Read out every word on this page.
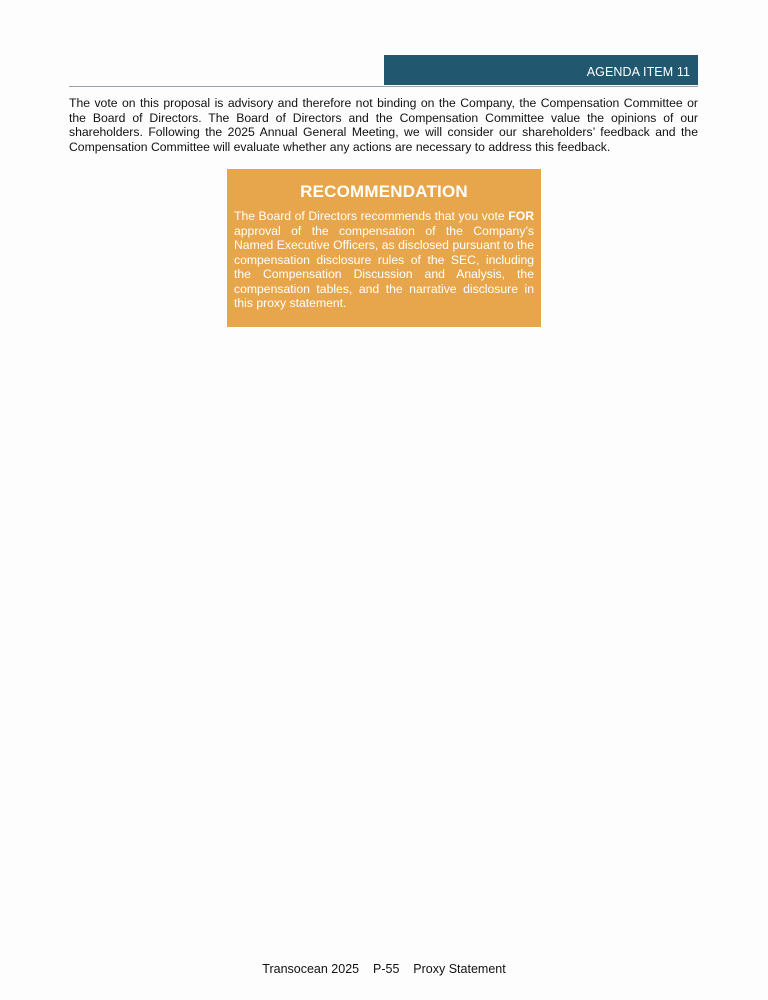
AGENDA ITEM 11

The vote on this proposal is advisory and therefore not binding on the Company, the Compensation Committee or the Board of Directors. The Board of Directors and the Compensation Committee value the opinions of our shareholders. Following the 2025 Annual General Meeting, we will consider our shareholders’ feedback and the Compensation Committee will evaluate whether any actions are necessary to address this feedback.

RECOMMENDATION

The Board of Directors recommends that you vote FOR approval of the compensation of the Company’s Named Executive Officers, as disclosed pursuant to the compensation disclosure rules of the SEC, including the Compensation Discussion and Analysis, the compensation tables, and the narrative disclosure in this proxy statement.

Transocean 2025    P-55    Proxy Statement
